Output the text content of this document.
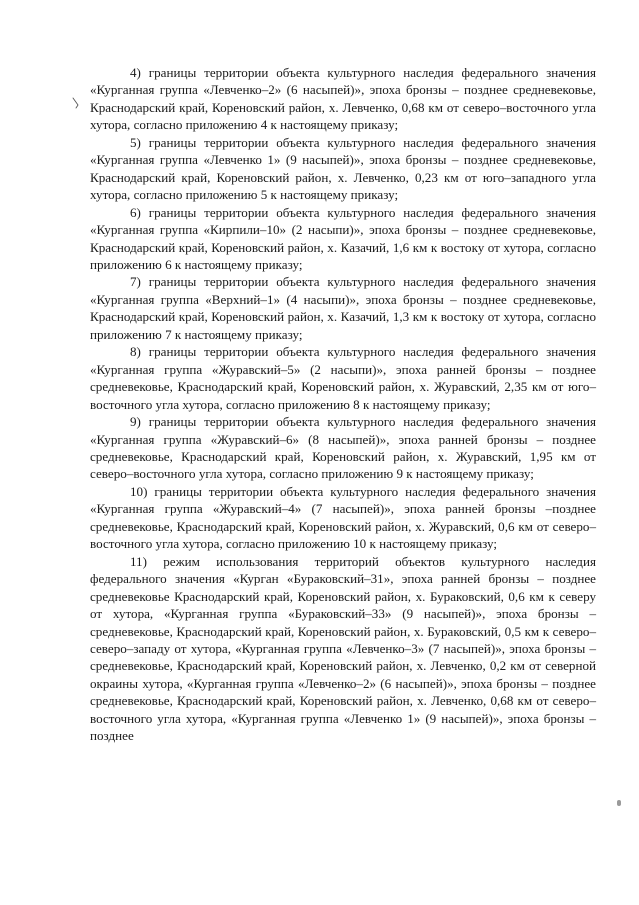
4) границы территории объекта культурного наследия федерального значения «Курганная группа «Левченко–2» (6 насыпей)», эпоха бронзы – позднее средневековье, Краснодарский край, Кореновский район, х. Левченко, 0,68 км от северо–восточного угла хутора, согласно приложению 4 к настоящему приказу;

5) границы территории объекта культурного наследия федерального значения «Курганная группа «Левченко 1» (9 насыпей)», эпоха бронзы – позднее средневековье, Краснодарский край, Кореновский район, х. Левченко, 0,23 км от юго–западного угла хутора, согласно приложению 5 к настоящему приказу;

6) границы территории объекта культурного наследия федерального значения «Курганная группа «Кирпили–10» (2 насыпи)», эпоха бронзы – позднее средневековье, Краснодарский край, Кореновский район, х. Казачий, 1,6 км к востоку от хутора, согласно приложению 6 к настоящему приказу;

7) границы территории объекта культурного наследия федерального значения «Курганная группа «Верхний–1» (4 насыпи)», эпоха бронзы – позднее средневековье, Краснодарский край, Кореновский район, х. Казачий, 1,3 км к востоку от хутора, согласно приложению 7 к настоящему приказу;

8) границы территории объекта культурного наследия федерального значения «Курганная группа «Журавский–5» (2 насыпи)», эпоха ранней бронзы – позднее средневековье, Краснодарский край, Кореновский район, х. Журавский, 2,35 км от юго–восточного угла хутора, согласно приложению 8 к настоящему приказу;

9) границы территории объекта культурного наследия федерального значения «Курганная группа «Журавский–6» (8 насыпей)», эпоха ранней бронзы – позднее средневековье, Краснодарский край, Кореновский район, х. Журавский, 1,95 км от северо–восточного угла хутора, согласно приложению 9 к настоящему приказу;

10) границы территории объекта культурного наследия федерального значения «Курганная группа «Журавский–4» (7 насыпей)», эпоха ранней бронзы –позднее средневековье, Краснодарский край, Кореновский район, х. Журавский, 0,6 км от северо–восточного угла хутора, согласно приложению 10 к настоящему приказу;

11) режим использования территорий объектов культурного наследия федерального значения «Курган «Бураковский–31», эпоха ранней бронзы – позднее средневековье Краснодарский край, Кореновский район, х. Бураковский, 0,6 км к северу от хутора, «Курганная группа «Бураковский–33» (9 насыпей)», эпоха бронзы –средневековье, Краснодарский край, Кореновский район, х. Бураковский, 0,5 км к северо–северо–западу от хутора, «Курганная группа «Левченко–3» (7 насыпей)», эпоха бронзы – средневековье, Краснодарский край, Кореновский район, х. Левченко, 0,2 км от северной окраины хутора, «Курганная группа «Левченко–2» (6 насыпей)», эпоха бронзы – позднее средневековье, Краснодарский край, Кореновский район, х. Левченко, 0,68 км от северо–восточного угла хутора, «Курганная группа «Левченко 1» (9 насыпей)», эпоха бронзы – позднее
